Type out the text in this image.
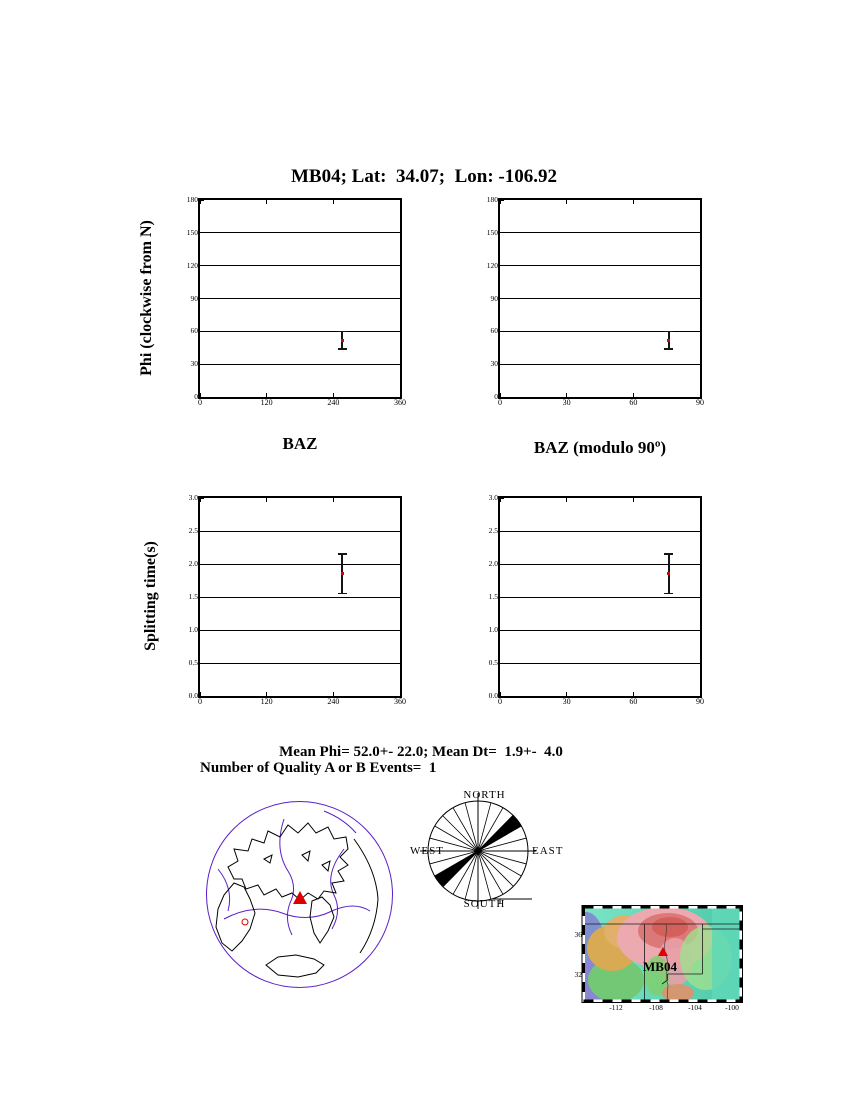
MB04; Lat:  34.07;  Lon: -106.92
Phi (clockwise from N)
Splitting time(s)
0
30
60
90
120
150
180
0	120	240	360
0
30
60
90
120
150
180
0	30	60	90
BAZ	BAZ (modulo 90º)
0.0
0.5
1.0
1.5
2.0
2.5
3.0
0	120	240	360
0.0
0.5
1.0
1.5
2.0
2.5
3.0
0	30	60	90
Mean Phi= 52.0+- 22.0; Mean Dt=  1.9+-  4.0
Number of Quality A or B Events=  1
NORTH
SOUTH
EAST
WEST
MB04
-112	-108	-104	-100
36
32
